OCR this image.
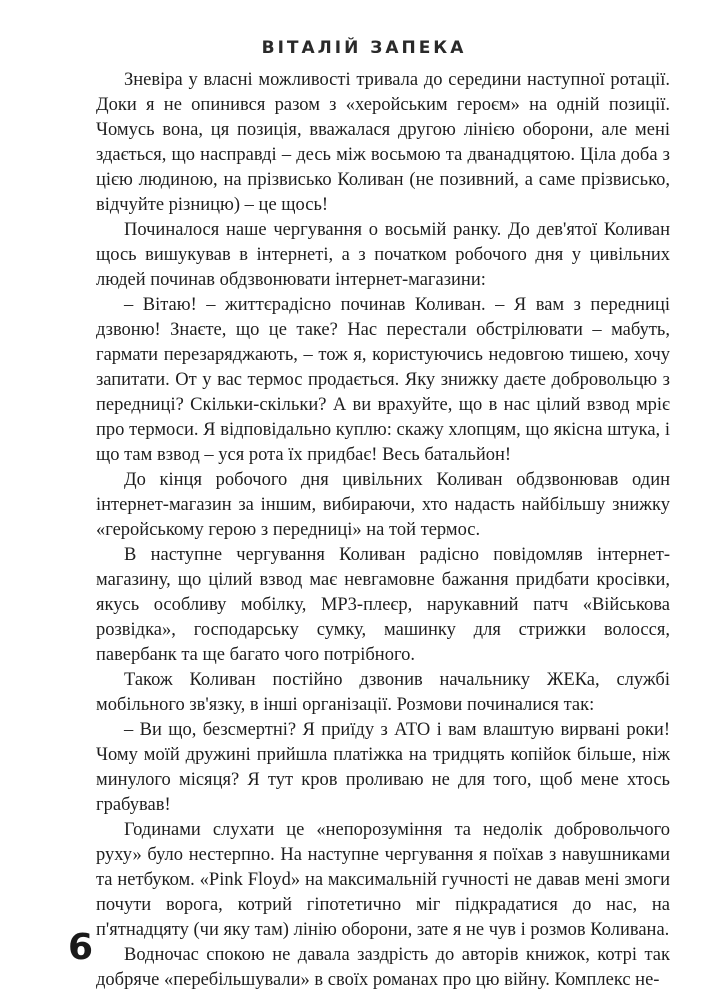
ВІТАЛІЙ ЗАПЕКА

Зневіра у власні можливості тривала до середини наступної ротації. Доки я не опинився разом з «херойським героєм» на одній позиції. Чомусь вона, ця позиція, вважалася другою лінією оборони, але мені здається, що насправді – десь між восьмою та дванадцятою. Ціла доба з цією людиною, на прізвисько Коливан (не позивний, а саме прізвисько, відчуйте різницю) – це щось!

Починалося наше чергування о восьмій ранку. До дев'ятої Коливан щось вишукував в інтернеті, а з початком робочого дня у цивільних людей починав обдзвонювати інтернет-магазини:

– Вітаю! – життєрадісно починав Коливан. – Я вам з передниці дзвоню! Знаєте, що це таке? Нас перестали обстрілювати – мабуть, гармати перезаряджають, – тож я, користуючись недовгою тишею, хочу запитати. От у вас термос продається. Яку знижку даєте добровольцю з передниці? Скільки-скільки? А ви врахуйте, що в нас цілий взвод мріє про термоси. Я відповідально куплю: скажу хлопцям, що якісна штука, і що там взвод – уся рота їх придбає! Весь батальйон!

До кінця робочого дня цивільних Коливан обдзвонював один інтернет-магазин за іншим, вибираючи, хто надасть найбільшу знижку «геройському герою з передниці» на той термос.

В наступне чергування Коливан радісно повідомляв інтернет-магазину, що цілий взвод має невгамовне бажання придбати кросівки, якусь особливу мобілку, МР3-плеєр, нарукавний патч «Військова розвідка», господарську сумку, машинку для стрижки волосся, павербанк та ще багато чого потрібного.

Також Коливан постійно дзвонив начальнику ЖЕКа, службі мобільного зв'язку, в інші організації. Розмови починалися так:

– Ви що, безсмертні? Я приїду з АТО і вам влаштую вирвані роки! Чому моїй дружині прийшла платіжка на тридцять копійок більше, ніж минулого місяця? Я тут кров проливаю не для того, щоб мене хтось грабував!

Годинами слухати це «непорозуміння та недолік добровольчого руху» було нестерпно. На наступне чергування я поїхав з навушниками та нетбуком. «Pink Floyd» на максимальній гучності не давав мені змоги почути ворога, котрий гіпотетично міг підкрадатися до нас, на п'ятнадцяту (чи яку там) лінію оборони, зате я не чув і розмов Коливана.

Водночас спокою не давала заздрість до авторів книжок, котрі так добряче «перебільшували» в своїх романах про цю війну. Комплекс не-

6
